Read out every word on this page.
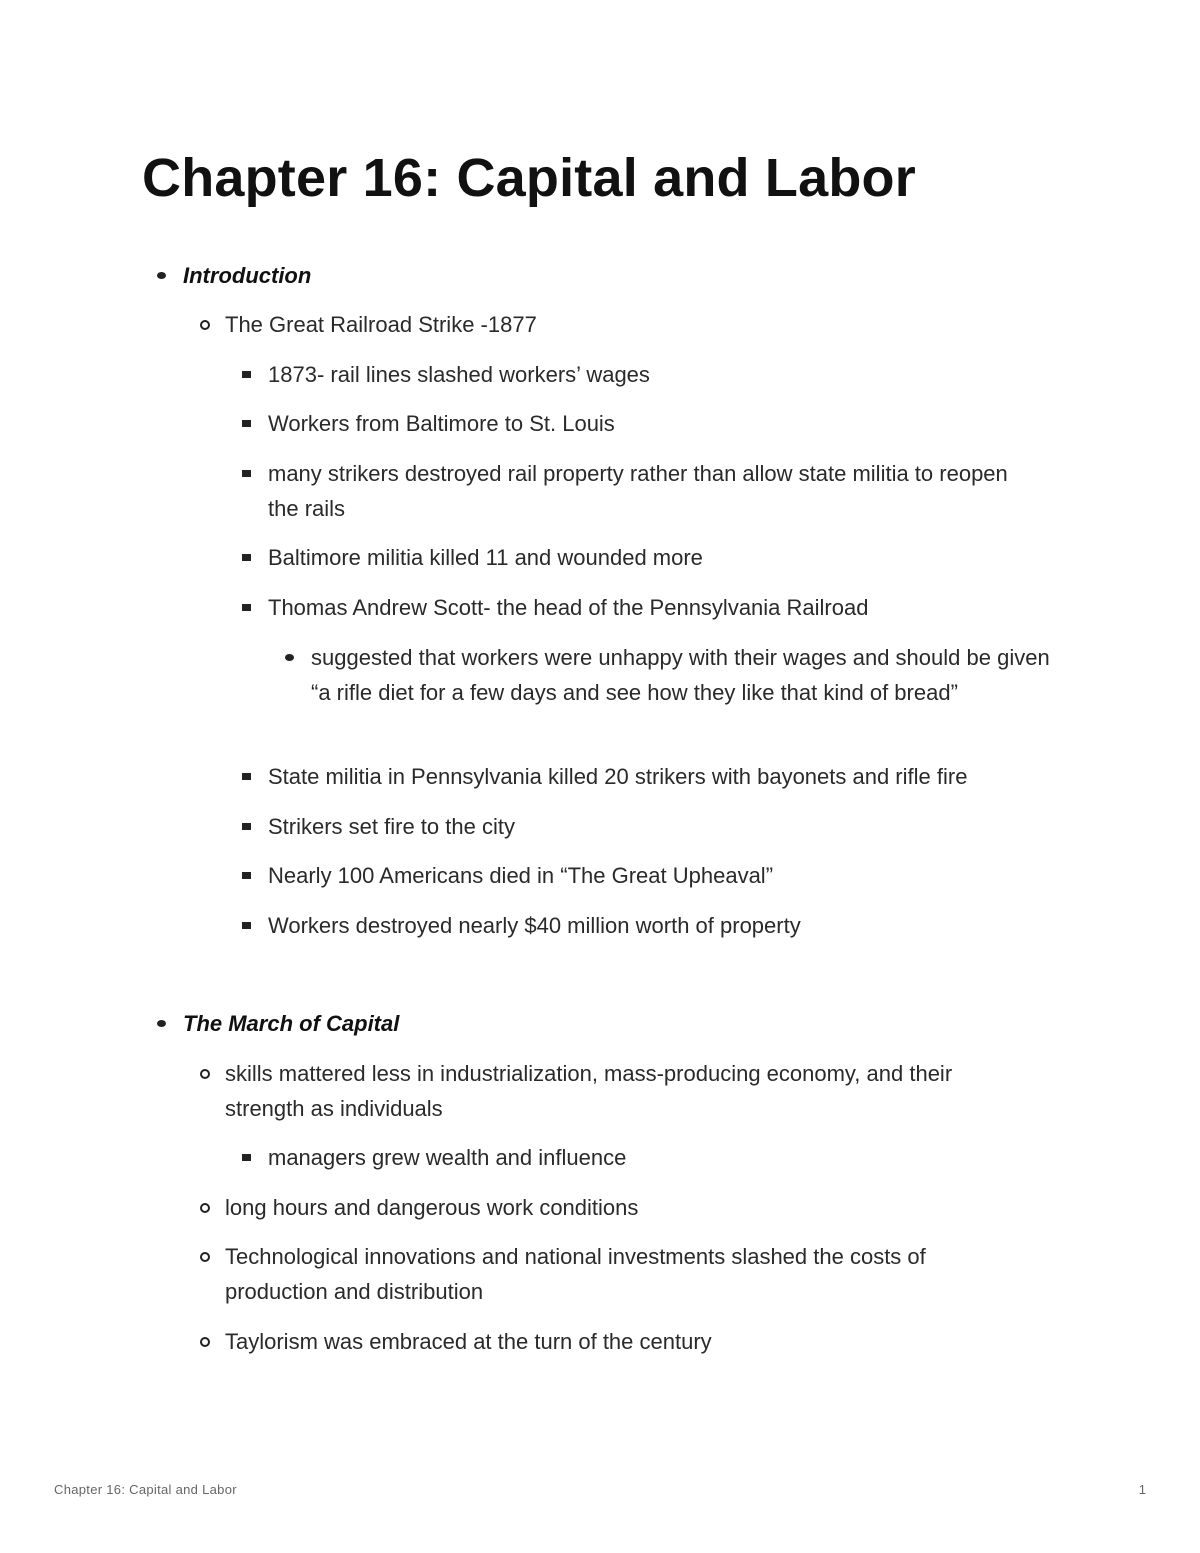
Chapter 16: Capital and Labor
Introduction
The Great Railroad Strike -1877
1873- rail lines slashed workers’ wages
Workers from Baltimore to St. Louis
many strikers destroyed rail property rather than allow state militia to reopen the rails
Baltimore militia killed 11 and wounded more
Thomas Andrew Scott- the head of the Pennsylvania Railroad
suggested that workers were unhappy with their wages and should be given “a rifle diet for a few days and see how they like that kind of bread”
State militia in Pennsylvania killed 20 strikers with bayonets and rifle fire
Strikers set fire to the city
Nearly 100 Americans died in “The Great Upheaval”
Workers destroyed nearly $40 million worth of property
The March of Capital
skills mattered less in industrialization, mass-producing economy, and their strength as individuals
managers grew wealth and influence
long hours and dangerous work conditions
Technological innovations and national investments slashed the costs of production and distribution
Taylorism was embraced at the turn of the century
Chapter 16: Capital and Labor	1
